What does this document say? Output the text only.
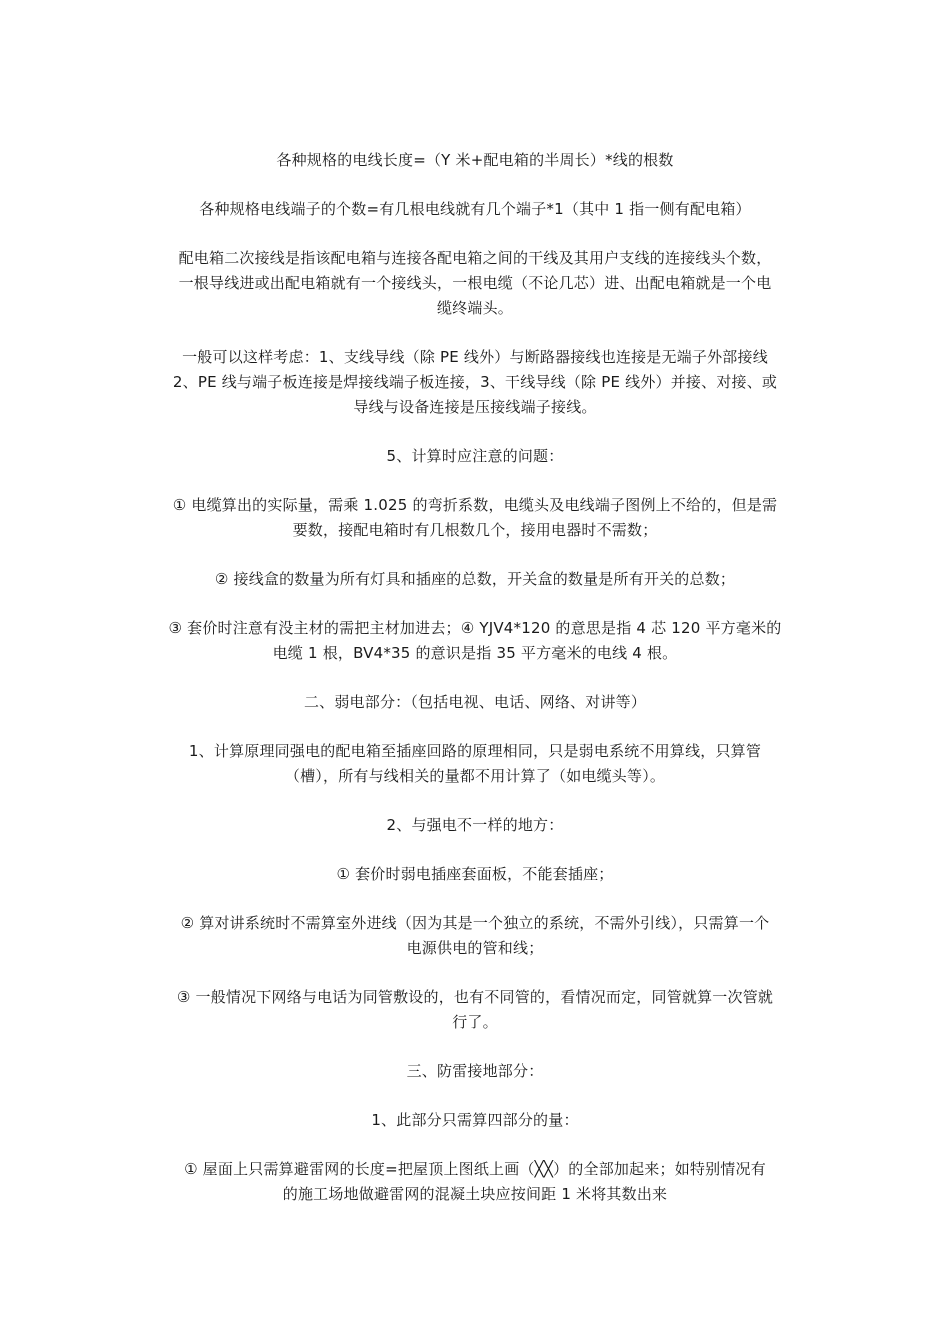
各种规格的电线长度=（Y 米+配电箱的半周长）*线的根数

各种规格电线端子的个数=有几根电线就有几个端子*1（其中 1 指一侧有配电箱）

配电箱二次接线是指该配电箱与连接各配电箱之间的干线及其用户支线的连接线头个数，
一根导线进或出配电箱就有一个接线头，一根电缆（不论几芯）进、出配电箱就是一个电
缆终端头。

一般可以这样考虑：1、支线导线（除 PE 线外）与断路器接线也连接是无端子外部接线
2、PE 线与端子板连接是焊接线端子板连接，3、干线导线（除 PE 线外）并接、对接、或
导线与设备连接是压接线端子接线。

5、计算时应注意的问题：

① 电缆算出的实际量，需乘 1.025 的弯折系数，电缆头及电线端子图例上不给的，但是需
要数，接配电箱时有几根数几个，接用电器时不需数；

② 接线盒的数量为所有灯具和插座的总数，开关盒的数量是所有开关的总数；

③ 套价时注意有没主材的需把主材加进去；④ YJV4*120 的意思是指 4 芯 120 平方毫米的
电缆 1 根，BV4*35 的意识是指 35 平方毫米的电线 4 根。

二、弱电部分：（包括电视、电话、网络、对讲等）

1、计算原理同强电的配电箱至插座回路的原理相同，只是弱电系统不用算线，只算管
（槽），所有与线相关的量都不用计算了（如电缆头等）。

2、与强电不一样的地方：

① 套价时弱电插座套面板，不能套插座；

② 算对讲系统时不需算室外进线（因为其是一个独立的系统，不需外引线），只需算一个
电源供电的管和线；

③ 一般情况下网络与电话为同管敷设的，也有不同管的，看情况而定，同管就算一次管就
行了。

三、防雷接地部分：

1、此部分只需算四部分的量：

① 屋面上只需算避雷网的长度=把屋顶上图纸上画（╳╳）的全部加起来；如特别情况有
的施工场地做避雷网的混凝土块应按间距 1 米将其数出来
